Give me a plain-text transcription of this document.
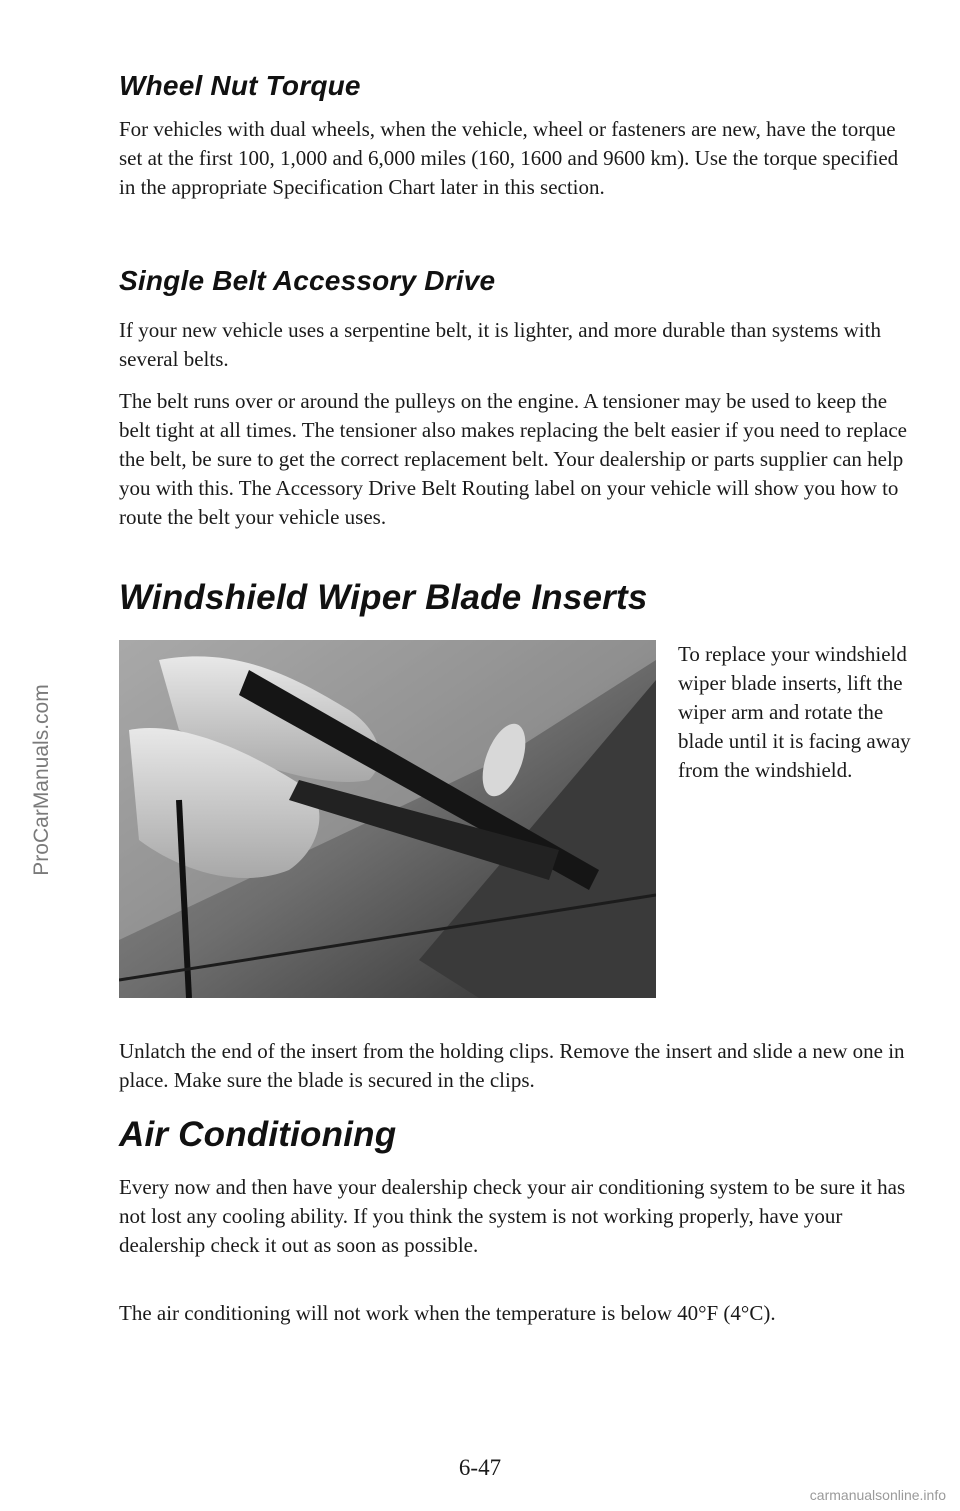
ProCarManuals.com
Wheel Nut Torque

For vehicles with dual wheels, when the vehicle, wheel or fasteners are new, have the torque set at the first 100, 1,000 and 6,000 miles (160, 1600 and 9600 km). Use the torque specified in the appropriate Specification Chart later in this section.

Single Belt Accessory Drive

If your new vehicle uses a serpentine belt, it is lighter, and more durable than systems with several belts.

The belt runs over or around the pulleys on the engine. A tensioner may be used to keep the belt tight at all times. The tensioner also makes replacing the belt easier if you need to replace the belt, be sure to get the correct replacement belt. Your dealership or parts supplier can help you with this. The Accessory Drive Belt Routing label on your vehicle will show you how to route the belt your vehicle uses.

Windshield Wiper Blade Inserts

To replace your windshield wiper blade inserts, lift the wiper arm and rotate the blade until it is facing away from the windshield.

Unlatch the end of the insert from the holding clips. Remove the insert and slide a new one in place. Make sure the blade is secured in the clips.

Air Conditioning

Every now and then have your dealership check your air conditioning system to be sure it has not lost any cooling ability. If you think the system is not working properly, have your dealership check it out as soon as possible.

The air conditioning will not work when the temperature is below 40°F (4°C).

6-47
carmanualsonline.info
